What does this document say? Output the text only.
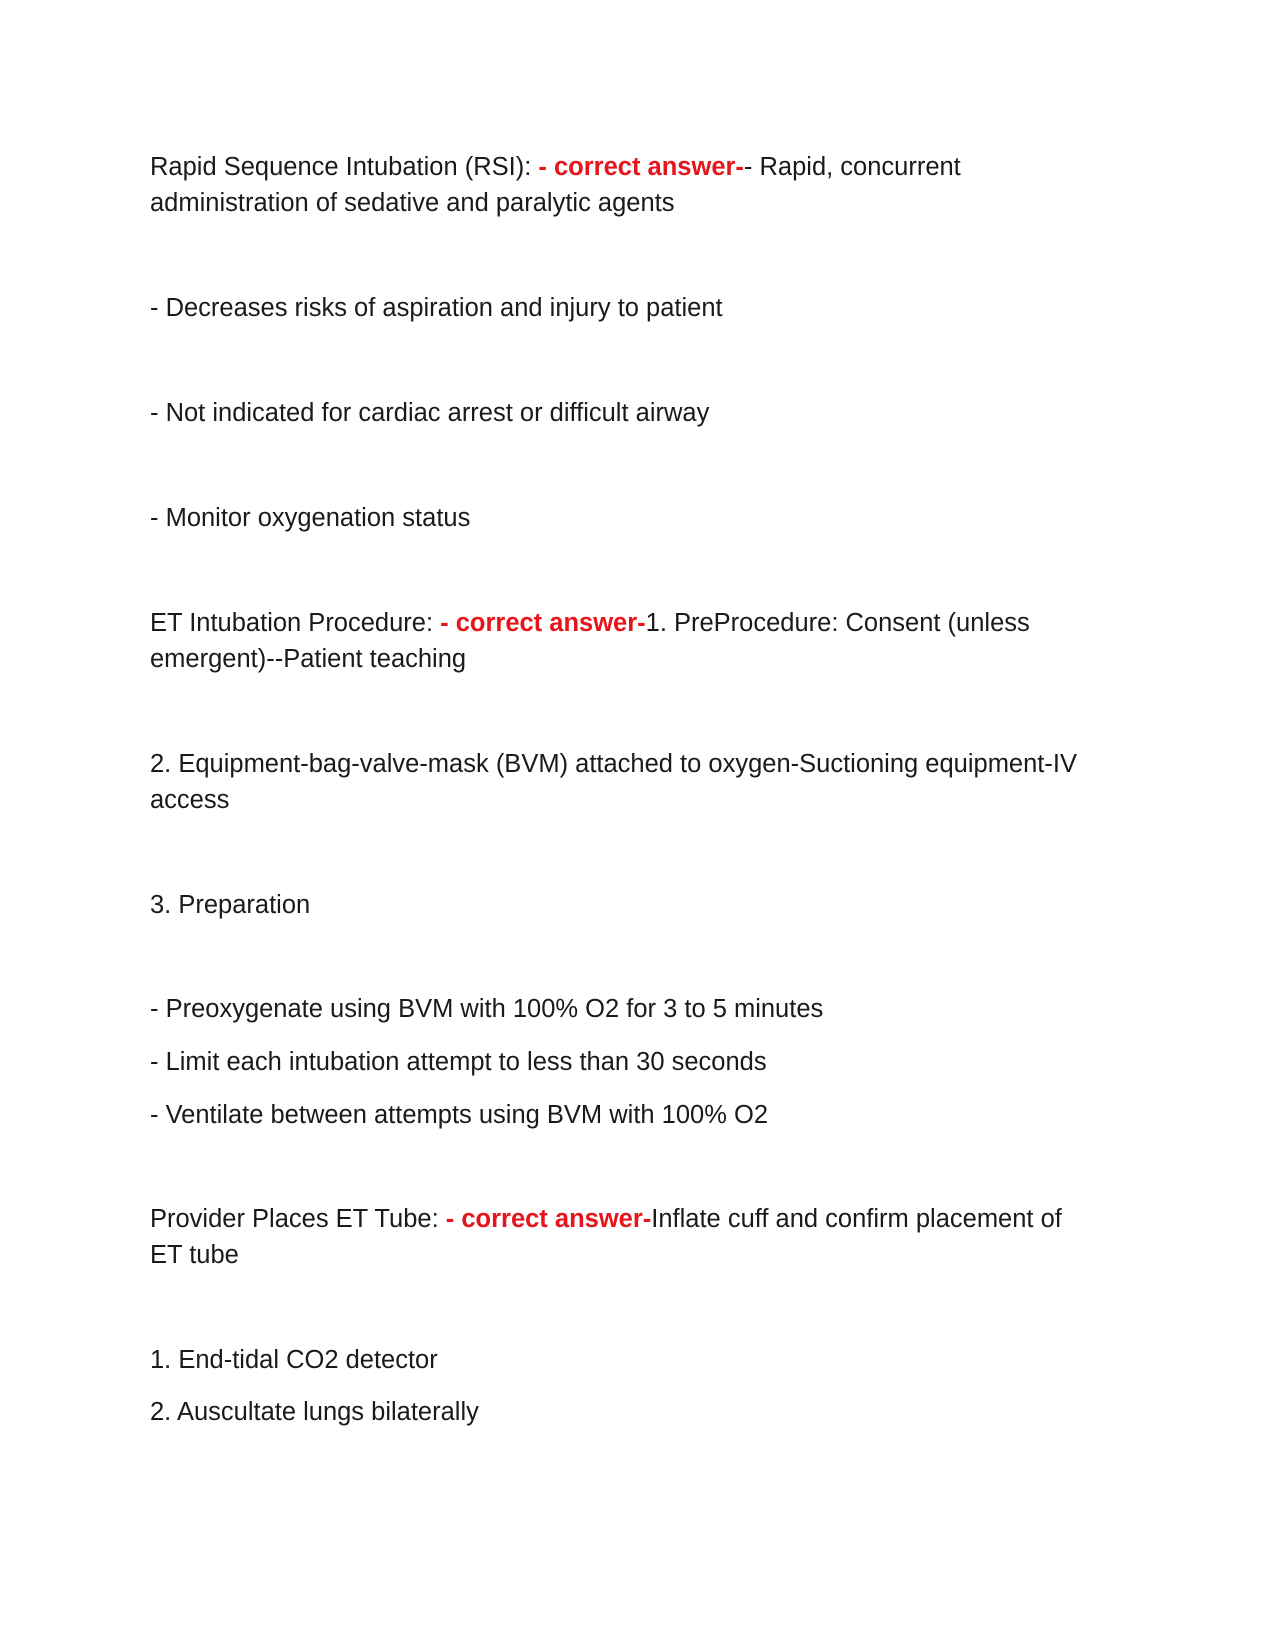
Rapid Sequence Intubation (RSI): - correct answer-- Rapid, concurrent
administration of sedative and paralytic agents
- Decreases risks of aspiration and injury to patient
- Not indicated for cardiac arrest or difficult airway
- Monitor oxygenation status
ET Intubation Procedure: - correct answer-1. PreProcedure: Consent (unless
emergent)--Patient teaching
2. Equipment-bag-valve-mask (BVM) attached to oxygen-Suctioning equipment-IV
access
3. Preparation
- Preoxygenate using BVM with 100% O2 for 3 to 5 minutes
- Limit each intubation attempt to less than 30 seconds
- Ventilate between attempts using BVM with 100% O2
Provider Places ET Tube: - correct answer-Inflate cuff and confirm placement of
ET tube
1. End-tidal CO2 detector
2. Auscultate lungs bilaterally
